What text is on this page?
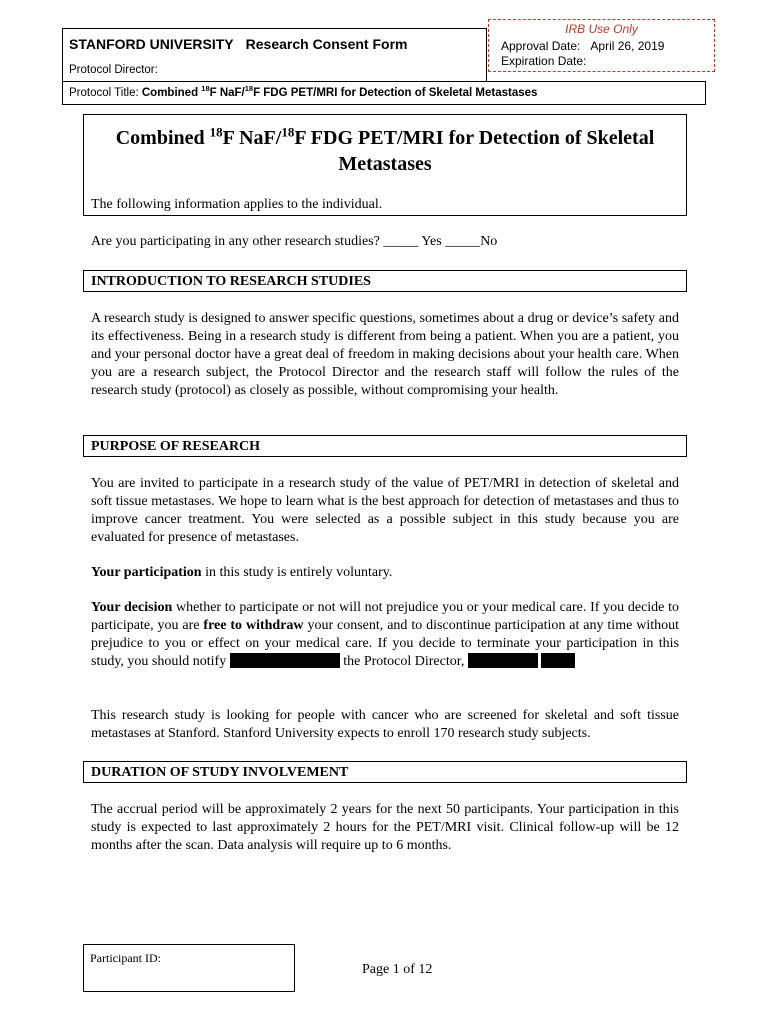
STANFORD UNIVERSITY Research Consent Form
Protocol Director:
IRB Use Only
Approval Date: April 26, 2019
Expiration Date:
Protocol Title: Combined $^{18}$F NaF/$^{18}$F FDG PET/MRI for Detection of Skeletal Metastases
Combined $^{18}$F NaF/$^{18}$F FDG PET/MRI for Detection of Skeletal Metastases
The following information applies to the individual.
Are you participating in any other research studies? _____ Yes _____No
INTRODUCTION TO RESEARCH STUDIES

A research study is designed to answer specific questions, sometimes about a drug or device’s safety and its effectiveness. Being in a research study is different from being a patient. When you are a patient, you and your personal doctor have a great deal of freedom in making decisions about your health care. When you are a research subject, the Protocol Director and the research staff will follow the rules of the research study (protocol) as closely as possible, without compromising your health.

PURPOSE OF RESEARCH

You are invited to participate in a research study of the value of PET/MRI in detection of skeletal and soft tissue metastases. We hope to learn what is the best approach for detection of metastases and thus to improve cancer treatment. You were selected as a possible subject in this study because you are evaluated for presence of metastases.

Your participation in this study is entirely voluntary.

Your decision whether to participate or not will not prejudice you or your medical care. If you decide to participate, you are free to withdraw your consent, and to discontinue participation at any time without prejudice to you or effect on your medical care. If you decide to terminate your participation in this study, you should notify	the Protocol Director,

This research study is looking for people with cancer who are screened for skeletal and soft tissue metastases at Stanford. Stanford University expects to enroll 170 research study subjects.

DURATION OF STUDY INVOLVEMENT

The accrual period will be approximately 2 years for the next 50 participants. Your participation in this study is expected to last approximately 2 hours for the PET/MRI visit. Clinical follow-up will be 12 months after the scan. Data analysis will require up to 6 months.

Participant ID:
Page 1 of 12
